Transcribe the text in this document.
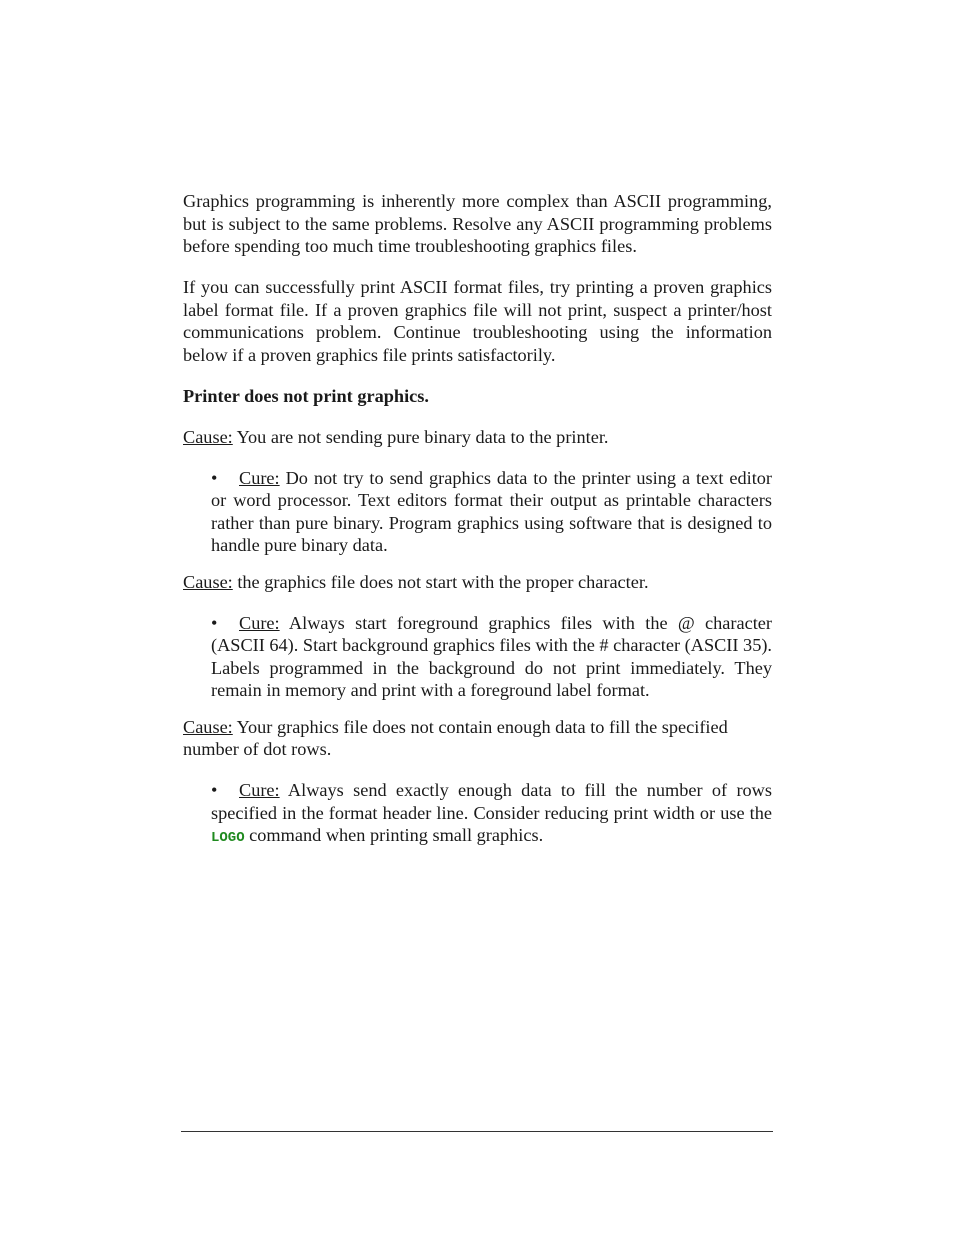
Graphics programming is inherently more complex than ASCII programming, but is subject to the same problems. Resolve any ASCII programming problems before spending too much time troubleshooting graphics files.

If you can successfully print ASCII format files, try printing a proven graphics label format file. If a proven graphics file will not print, suspect a printer/host communications problem. Continue troubleshooting using the information below if a proven graphics file prints satisfactorily.

Printer does not print graphics.

Cause: You are not sending pure binary data to the printer.

•	Cure: Do not try to send graphics data to the printer using a text editor or word processor. Text editors format their output as printable characters rather than pure binary. Program graphics using software that is designed to handle pure binary data.

Cause: the graphics file does not start with the proper character.

•	Cure: Always start foreground graphics files with the @ character (ASCII 64). Start background graphics files with the # character (ASCII 35). Labels programmed in the background do not print immediately. They remain in memory and print with a foreground label format.

Cause: Your graphics file does not contain enough data to fill the specified number of dot rows.

•	Cure: Always send exactly enough data to fill the number of rows specified in the format header line. Consider reducing print width or use the LOGO command when printing small graphics.
